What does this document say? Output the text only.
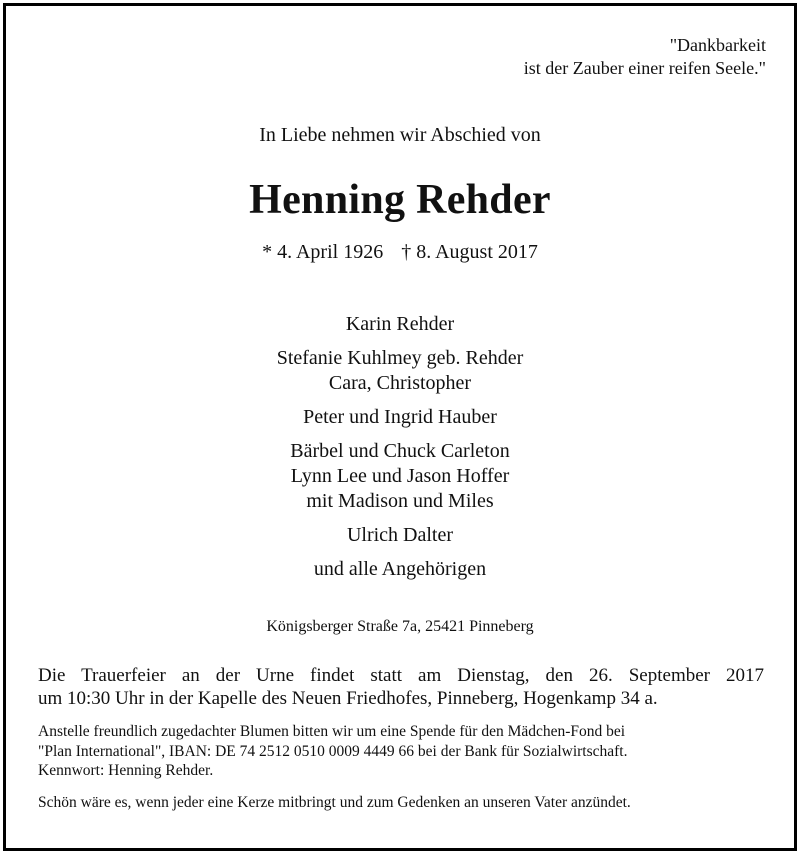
"Dankbarkeit
ist der Zauber einer reifen Seele."
In Liebe nehmen wir Abschied von
Henning Rehder
* 4. April 1926 † 8. August 2017
Karin Rehder
Stefanie Kuhlmey geb. Rehder
Cara, Christopher
Peter und Ingrid Hauber
Bärbel und Chuck Carleton
Lynn Lee und Jason Hoffer
mit Madison und Miles
Ulrich Dalter
und alle Angehörigen
Königsberger Straße 7a, 25421 Pinneberg
Die Trauerfeier an der Urne findet statt am Dienstag, den 26. September 2017
um 10:30 Uhr in der Kapelle des Neuen Friedhofes, Pinneberg, Hogenkamp 34 a.
Anstelle freundlich zugedachter Blumen bitten wir um eine Spende für den Mädchen-Fond bei
"Plan International", IBAN: DE 74 2512 0510 0009 4449 66 bei der Bank für Sozialwirtschaft.
Kennwort: Henning Rehder.
Schön wäre es, wenn jeder eine Kerze mitbringt und zum Gedenken an unseren Vater anzündet.
